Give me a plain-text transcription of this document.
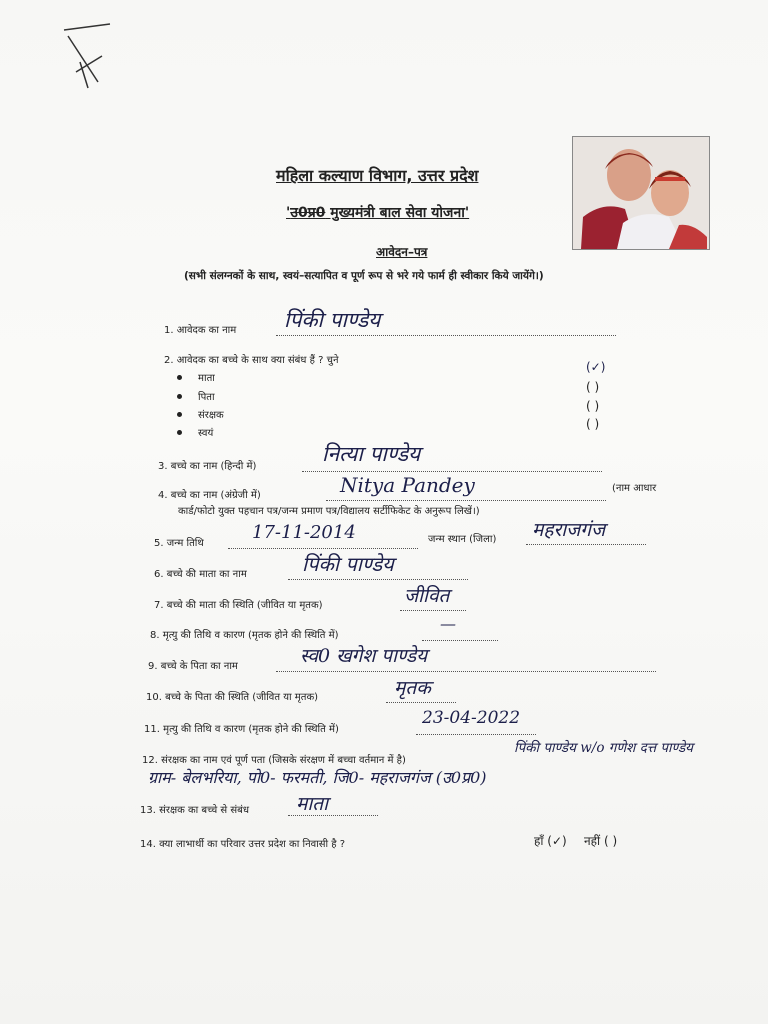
महिला कल्याण विभाग, उत्तर प्रदेश
'उ0प्र0 मुख्यमंत्री बाल सेवा योजना'
आवेदन–पत्र
(सभी संलग्नकों के साथ, स्वयं–सत्यापित व पूर्ण रूप से भरे गये फार्म ही स्वीकार किये जायेंगे।)
1. आवेदक का नाम पिंकी पाण्डेय
2. आवेदक का बच्चे के साथ क्या संबंध हैं ? चुने
माता
(✓)
पिता
( )
संरक्षक
( )
स्वयं
( )
3. बच्चे का नाम (हिन्दी में)
नित्या पाण्डेय
4. बच्चे का नाम (अंग्रेजी में)	Nitya Pandey	(नाम आधार
कार्ड/फोटो युक्त पहचान पत्र/जन्म प्रमाण पत्र/विद्यालय सर्टीफिकेट के अनुरूप लिखें।)
5. जन्म तिथि
17-11-2014	जन्म स्थान (जिला) महराजगंज
6. बच्चे की माता का नाम	पिंकी पाण्डेय
7. बच्चे की माता की स्थिति (जीवित या मृतक)	जीवित
8. मृत्यु की तिथि व कारण (मृतक होने की स्थिति में)
—
9. बच्चे के पिता का नाम	स्व0 खगेश पाण्डेय
10. बच्चे के पिता की स्थिति (जीवित या मृतक)	मृतक
11. मृत्यु की तिथि व कारण (मृतक होने की स्थिति में)
23-04-2022
12. संरक्षक का नाम एवं पूर्ण पता (जिसके संरक्षण में बच्चा वर्तमान में है)
पिंकी पाण्डेय w/o गणेश दत्त पाण्डेय
ग्राम- बेलभरिया, पो0- फरमती, जि0- महराजगंज (उ0प्र0)
13. संरक्षक का बच्चे से संबंध माता
14. क्या लाभार्थी का परिवार उत्तर प्रदेश का निवासी है ?	हाँ (✓) नहीं ( )
